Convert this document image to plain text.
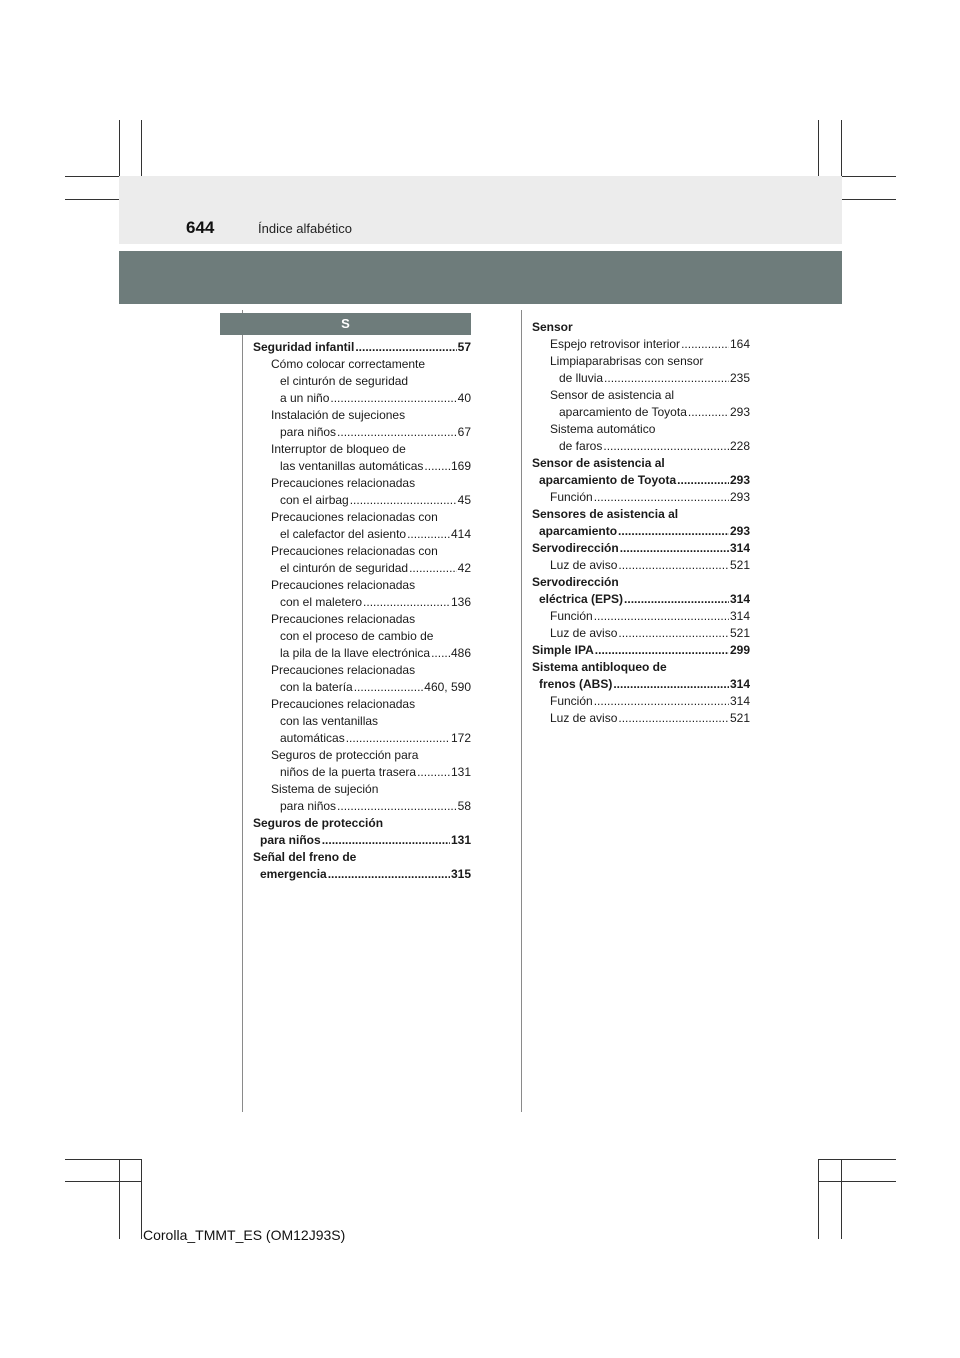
644	Índice alfabético
S
Seguridad infantil .....	57
Cómo colocar correctamente
el cinturón de seguridad
a un niño .....	40
Instalación de sujeciones
para niños .....	67
Interruptor de bloqueo de
las ventanillas automáticas ..... 169
Precauciones relacionadas
con el airbag .....	45
Precauciones relacionadas con
el calefactor del asiento .....	414
Precauciones relacionadas con
el cinturón de seguridad .....	42
Precauciones relacionadas
con el maletero .....	136
Precauciones relacionadas
con el proceso de cambio de
la pila de la llave electrónica ..... 486
Precauciones relacionadas
con la batería .....	460, 590
Precauciones relacionadas
con las ventanillas
automáticas .....	172
Seguros de protección para
niños de la puerta trasera .....	131
Sistema de sujeción
para niños .....	58
Seguros de protección
para niños .....	131
Señal del freno de
emergencia .....	315
Sensor
Espejo retrovisor interior .....	164
Limpiaparabrisas con sensor
de lluvia .....	235
Sensor de asistencia al
aparcamiento de Toyota .....	293
Sistema automático
de faros .....	228
Sensor de asistencia al
aparcamiento de Toyota .....	293
Función .....	293
Sensores de asistencia al
aparcamiento .....	293
Servodirección .....	314
Luz de aviso .....	521
Servodirección
eléctrica (EPS) .....	314
Función .....	314
Luz de aviso .....	521
Simple IPA .....	299
Sistema antibloqueo de
frenos (ABS) .....	314
Función .....	314
Luz de aviso .....	521
Corolla_TMMT_ES (OM12J93S)
